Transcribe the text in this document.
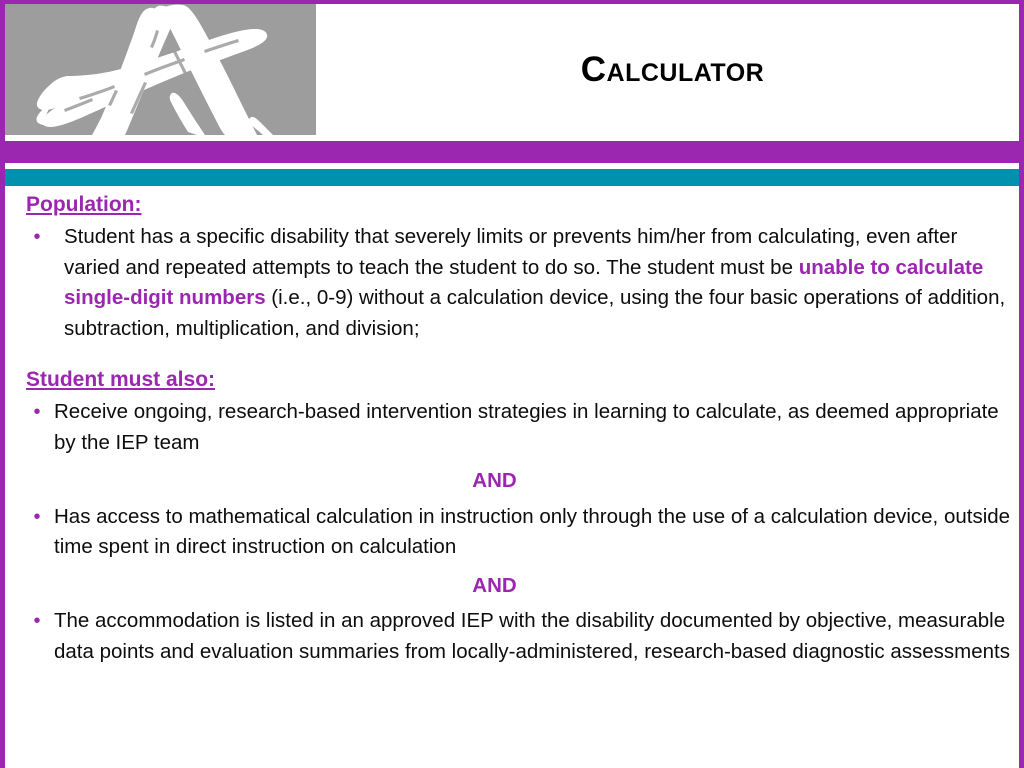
Calculator
Population:
•	Student has a specific disability that severely limits or prevents him/her from calculating, even after varied and repeated attempts to teach the student to do so. The student must be unable to calculate single-digit numbers (i.e., 0-9) without a calculation device, using the four basic operations of addition, subtraction, multiplication, and division;
Student must also:
• Receive ongoing, research-based intervention strategies in learning to calculate, as deemed appropriate by the IEP team
AND
• Has access to mathematical calculation in instruction only through the use of a calculation device, outside time spent in direct instruction on calculation
AND
• The accommodation is listed in an approved IEP with the disability documented by objective, measurable data points and evaluation summaries from locally-administered, research-based diagnostic assessments
